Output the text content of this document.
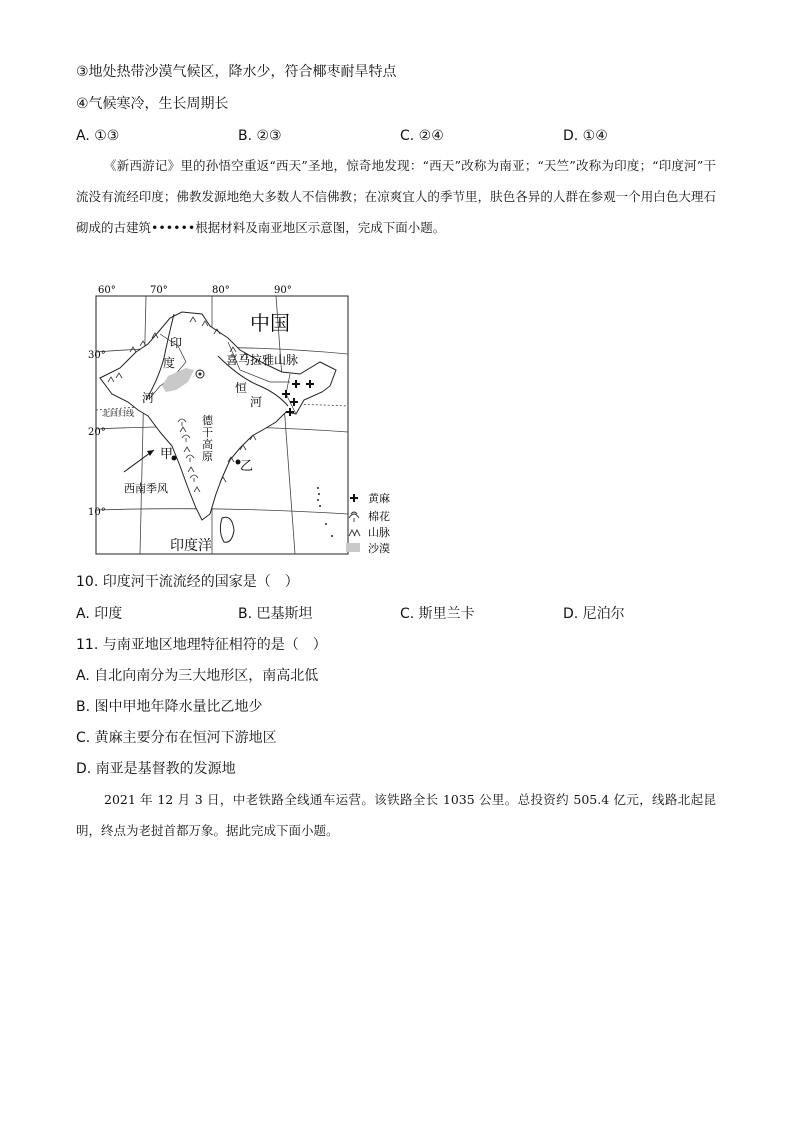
③地处热带沙漠气候区，降水少，符合椰枣耐旱特点
④气候寒冷，生长周期长
A. ①③	B. ②③	C. ②④	D. ①④

《新西游记》里的孙悟空重返“西天”圣地，惊奇地发现：“西天”改称为南亚；“天竺”改称为印度；“印度河”干流没有流经印度；佛教发源地绝大多数人不信佛教；在凉爽宜人的季节里，肤色各异的人群在参观一个用白色大理石砌成的古建筑••••••根据材料及南亚地区示意图，完成下面小题。

60°	70°	80°	90°
北回归线
30°
20°
10°
中国
印
度
河
恒
河
喜马拉雅山脉
德
干
高
原
甲
乙
西南季风
印度洋
黄麻
棉花
山脉
沙漠
10. 印度河干流流经的国家是（　）
A. 印度	B. 巴基斯坦	C. 斯里兰卡	D. 尼泊尔
11. 与南亚地区地理特征相符的是（　）
A. 自北向南分为三大地形区，南高北低
B. 图中甲地年降水量比乙地少
C. 黄麻主要分布在恒河下游地区
D. 南亚是基督教的发源地

2021 年 12 月 3 日，中老铁路全线通车运营。该铁路全长 1035 公里。总投资约 505.4 亿元，线路北起昆明，终点为老挝首都万象。据此完成下面小题。
